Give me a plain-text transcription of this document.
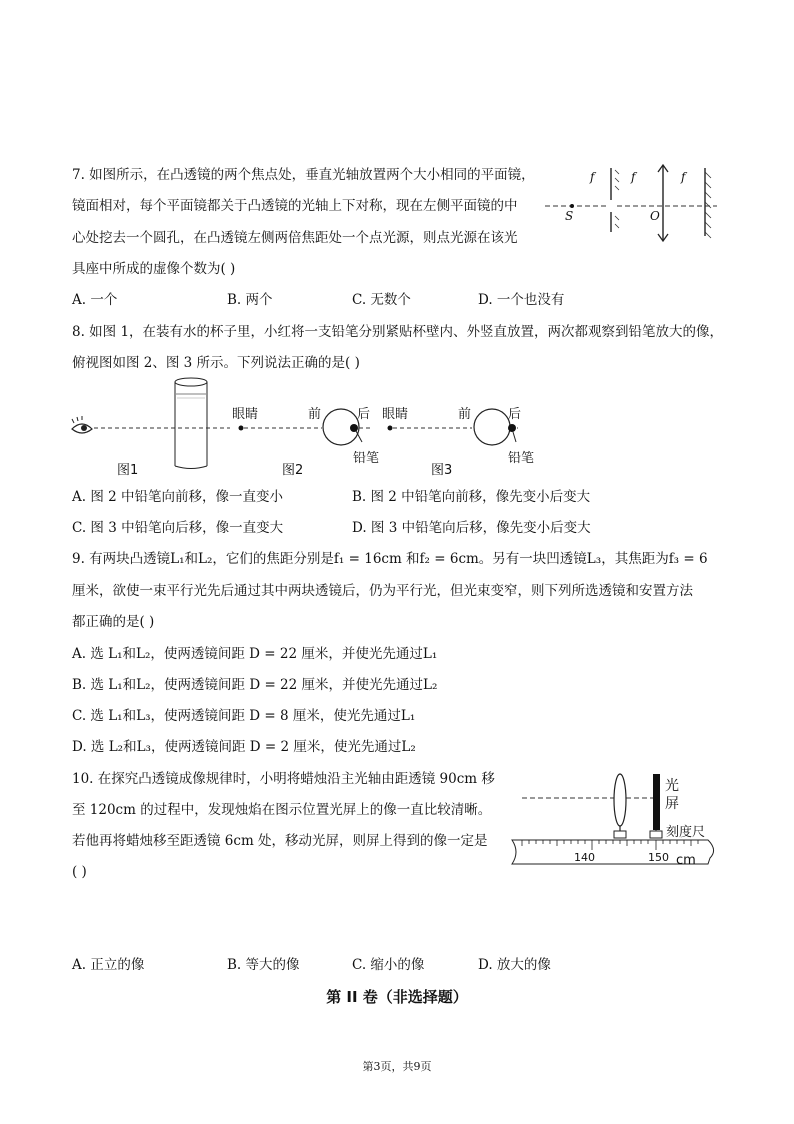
7. 如图所示，在凸透镜的两个焦点处，垂直光轴放置两个大小相同的平面镜，
镜面相对，每个平面镜都关于凸透镜的光轴上下对称，现在左侧平面镜的中
心处挖去一个圆孔，在凸透镜左侧两倍焦距处一个点光源，则点光源在该光
具座中所成的虚像个数为( )
f	f	f
S	O
A. 一个	B. 两个	C. 无数个	D. 一个也没有
8. 如图 1，在装有水的杯子里，小红将一支铅笔分别紧贴杯壁内、外竖直放置，两次都观察到铅笔放大的像，
俯视图如图 2、图 3 所示。下列说法正确的是( )
图1
眼睛	前	后
铅笔
图2
眼睛	前	后
铅笔
图3
A. 图 2 中铅笔向前移，像一直变小	B. 图 2 中铅笔向前移，像先变小后变大
C. 图 3 中铅笔向后移，像一直变大	D. 图 3 中铅笔向后移，像先变小后变大
9. 有两块凸透镜L₁和L₂，它们的焦距分别是f₁ = 16cm 和f₂ = 6cm。另有一块凹透镜L₃，其焦距为f₃ = 6
厘米，欲使一束平行光先后通过其中两块透镜后，仍为平行光，但光束变窄，则下列所选透镜和安置方法
都正确的是( )
A. 选 L₁和L₂，使两透镜间距 D = 22 厘米，并使光先通过L₁
B. 选 L₁和L₂，使两透镜间距 D = 22 厘米，并使光先通过L₂
C. 选 L₁和L₃，使两透镜间距 D = 8 厘米，使光先通过L₁
D. 选 L₂和L₃，使两透镜间距 D = 2 厘米，使光先通过L₂
10. 在探究凸透镜成像规律时，小明将蜡烛沿主光轴由距透镜 90cm 移
至 120cm 的过程中，发现烛焰在图示位置光屏上的像一直比较清晰。
若他再将蜡烛移至距透镜 6cm 处，移动光屏，则屏上得到的像一定是
( )
光
屏
刻度尺
140	150 cm
A. 正立的像	B. 等大的像	C. 缩小的像	D. 放大的像
第 II 卷（非选择题）
第3页，共9页
